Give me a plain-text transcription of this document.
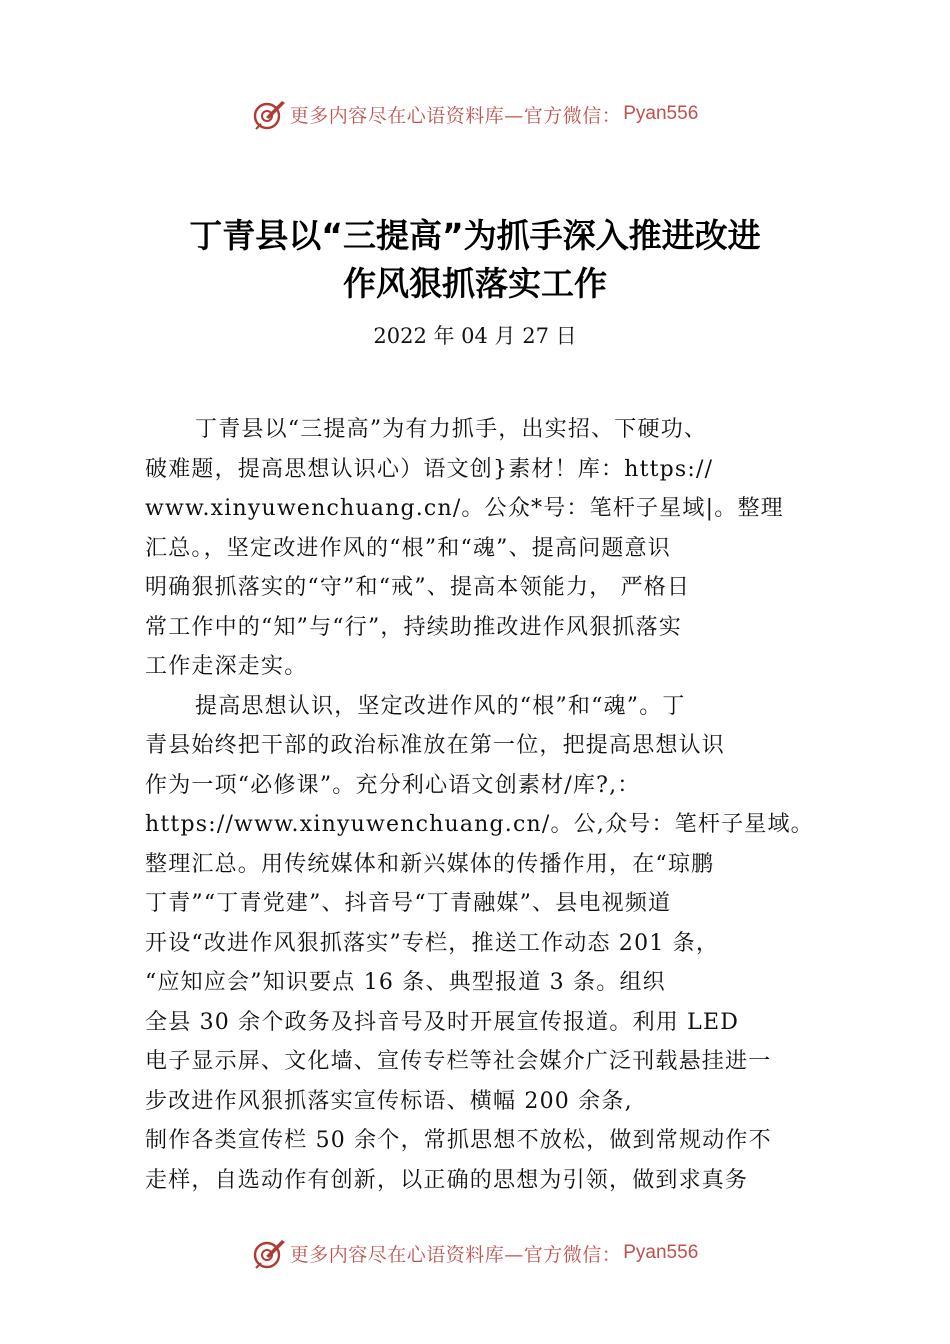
更多内容尽在心语资料库—官方微信： Pyan556
丁青县以“三提高”为抓手深入推进改进
作风狠抓落实工作
2022 年 04 月 27 日
丁青县以“三提高”为有力抓手，出实招、下硬功、
破难题，提高思想认识心）语文创}素材！库：https://
www.xinyuwenchuang.cn/。公众*号：笔杆子星域|。整理
汇总。，坚定改进作风的“根”和“魂”、提高问题意识
明确狠抓落实的“守”和“戒”、提高本领能力， 严格日
常工作中的“知”与“行”，持续助推改进作风狠抓落实
工作走深走实。
提高思想认识，坚定改进作风的“根”和“魂”。丁
青县始终把干部的政治标准放在第一位，把提高思想认识
作为一项“必修课”。充分利心语文创素材/库?,：
https://www.xinyuwenchuang.cn/。公,众号：笔杆子星域。
整理汇总。用传统媒体和新兴媒体的传播作用，在“琼鹏
丁青”“丁青党建”、抖音号“丁青融媒”、县电视频道
开设“改进作风狠抓落实”专栏，推送工作动态 201 条，
“应知应会”知识要点 16 条、典型报道 3 条。组织
全县 30 余个政务及抖音号及时开展宣传报道。利用 LED
电子显示屏、文化墙、宣传专栏等社会媒介广泛刊载悬挂进一
步改进作风狠抓落实宣传标语、横幅 200 余条,
制作各类宣传栏 50 余个，常抓思想不放松，做到常规动作不
走样，自选动作有创新，以正确的思想为引领，做到求真务
更多内容尽在心语资料库—官方微信： Pyan556
